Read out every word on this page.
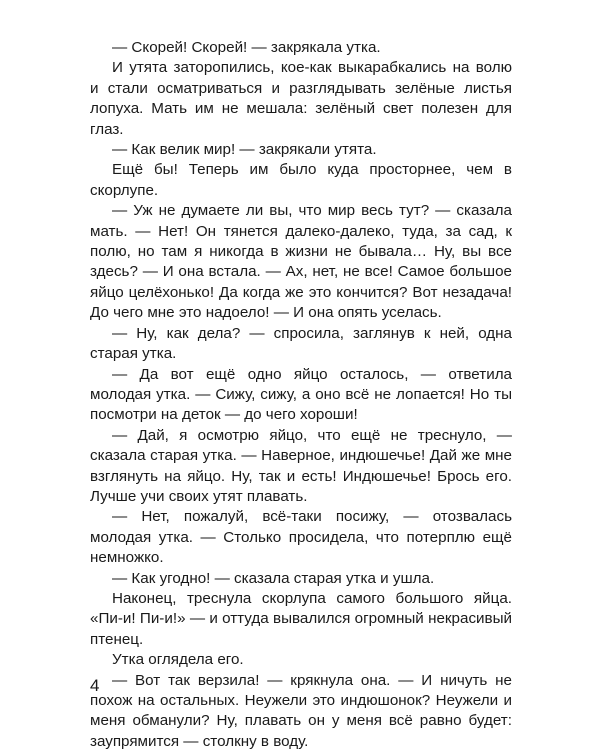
— Скорей! Скорей! — закрякала утка.

И утята заторопились, кое-как выкарабкались на волю и стали осматриваться и разглядывать зелёные листья лопуха. Мать им не мешала: зелёный свет полезен для глаз.

— Как велик мир! — закрякали утята.

Ещё бы! Теперь им было куда просторнее, чем в скорлупе.

— Уж не думаете ли вы, что мир весь тут? — сказала мать. — Нет! Он тянется далеко-далеко, туда, за сад, к полю, но там я никогда в жизни не бывала… Ну, вы все здесь? — И она встала. — Ах, нет, не все! Самое большое яйцо целёхонько! Да когда же это кончится? Вот незадача! До чего мне это надоело! — И она опять уселась.

— Ну, как дела? — спросила, заглянув к ней, одна старая утка.

— Да вот ещё одно яйцо осталось, — ответила молодая утка. — Сижу, сижу, а оно всё не лопается! Но ты посмотри на деток — до чего хороши!

— Дай, я осмотрю яйцо, что ещё не треснуло, — сказала старая утка. — Наверное, индюшечье! Дай же мне взглянуть на яйцо. Ну, так и есть! Индюшечье! Брось его. Лучше учи своих утят плавать.

— Нет, пожалуй, всё-таки посижу, — отозвалась молодая утка. — Столько просидела, что потерплю ещё немножко.

— Как угодно! — сказала старая утка и ушла.

Наконец, треснула скорлупа самого большого яйца. «Пи-и! Пи-и!» — и оттуда вывалился огромный некрасивый птенец.

Утка оглядела его.

— Вот так верзила! — крякнула она. — И ничуть не похож на остальных. Неужели это индюшонок? Неужели и меня обманули? Ну, плавать он у меня всё равно будет: заупрямится — столкну в воду.

4
